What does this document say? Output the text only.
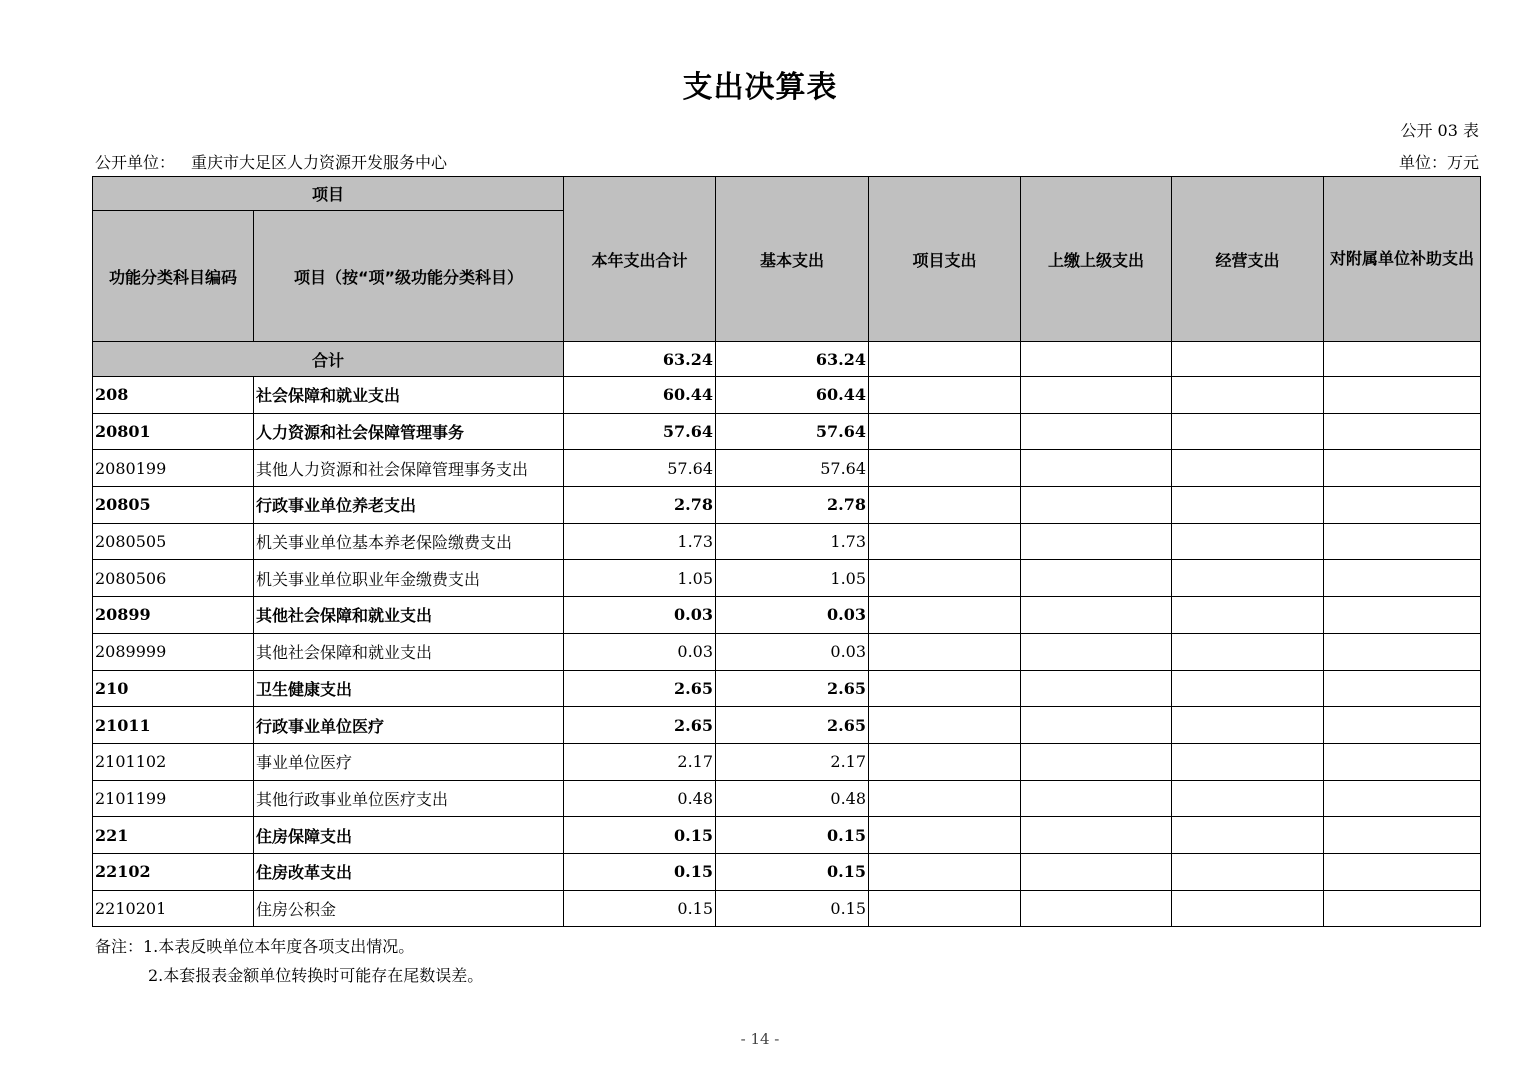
支出决算表
公开 03 表
公开单位： 重庆市大足区人力资源开发服务中心	单位：万元
项目		本年支出合计	基本支出	项目支出	上缴上级支出	经营支出	对附属单位补助支出
功能分类科目编码	项目（按“项”级功能分类科目）						
合计		63.24	63.24				
208	社会保障和就业支出	60.44	60.44				
20801	人力资源和社会保障管理事务	57.64	57.64				
2080199	其他人力资源和社会保障管理事务支出	57.64	57.64				
20805	行政事业单位养老支出	2.78	2.78				
2080505	机关事业单位基本养老保险缴费支出	1.73	1.73				
2080506	机关事业单位职业年金缴费支出	1.05	1.05				
20899	其他社会保障和就业支出	0.03	0.03				
2089999	其他社会保障和就业支出	0.03	0.03				
210	卫生健康支出	2.65	2.65				
21011	行政事业单位医疗	2.65	2.65				
2101102	事业单位医疗	2.17	2.17				
2101199	其他行政事业单位医疗支出	0.48	0.48				
221	住房保障支出	0.15	0.15				
22102	住房改革支出	0.15	0.15				
2210201	住房公积金	0.15	0.15				
备注：1.本表反映单位本年度各项支出情况。
2.本套报表金额单位转换时可能存在尾数误差。
- 14 -
